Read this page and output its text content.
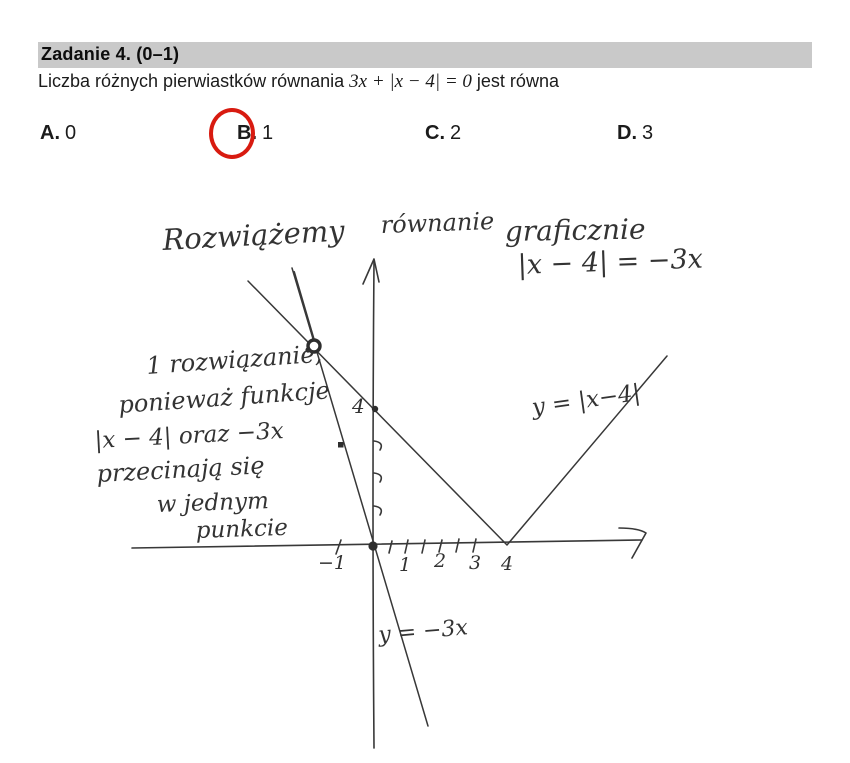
Zadanie 4. (0–1)
Liczba różnych pierwiastków równania 3x + |x − 4| = 0 jest równa
A. 0	B. 1	C. 2	D. 3
Rozwiążemy równanie graficznie
|x − 4| = −3x
y = |x−4|
y = −3x
1 rozwiązanie,
ponieważ funkcje
|x − 4| oraz −3x
przecinają się
w jednym
punkcie
4
−1	1 2 3 4
